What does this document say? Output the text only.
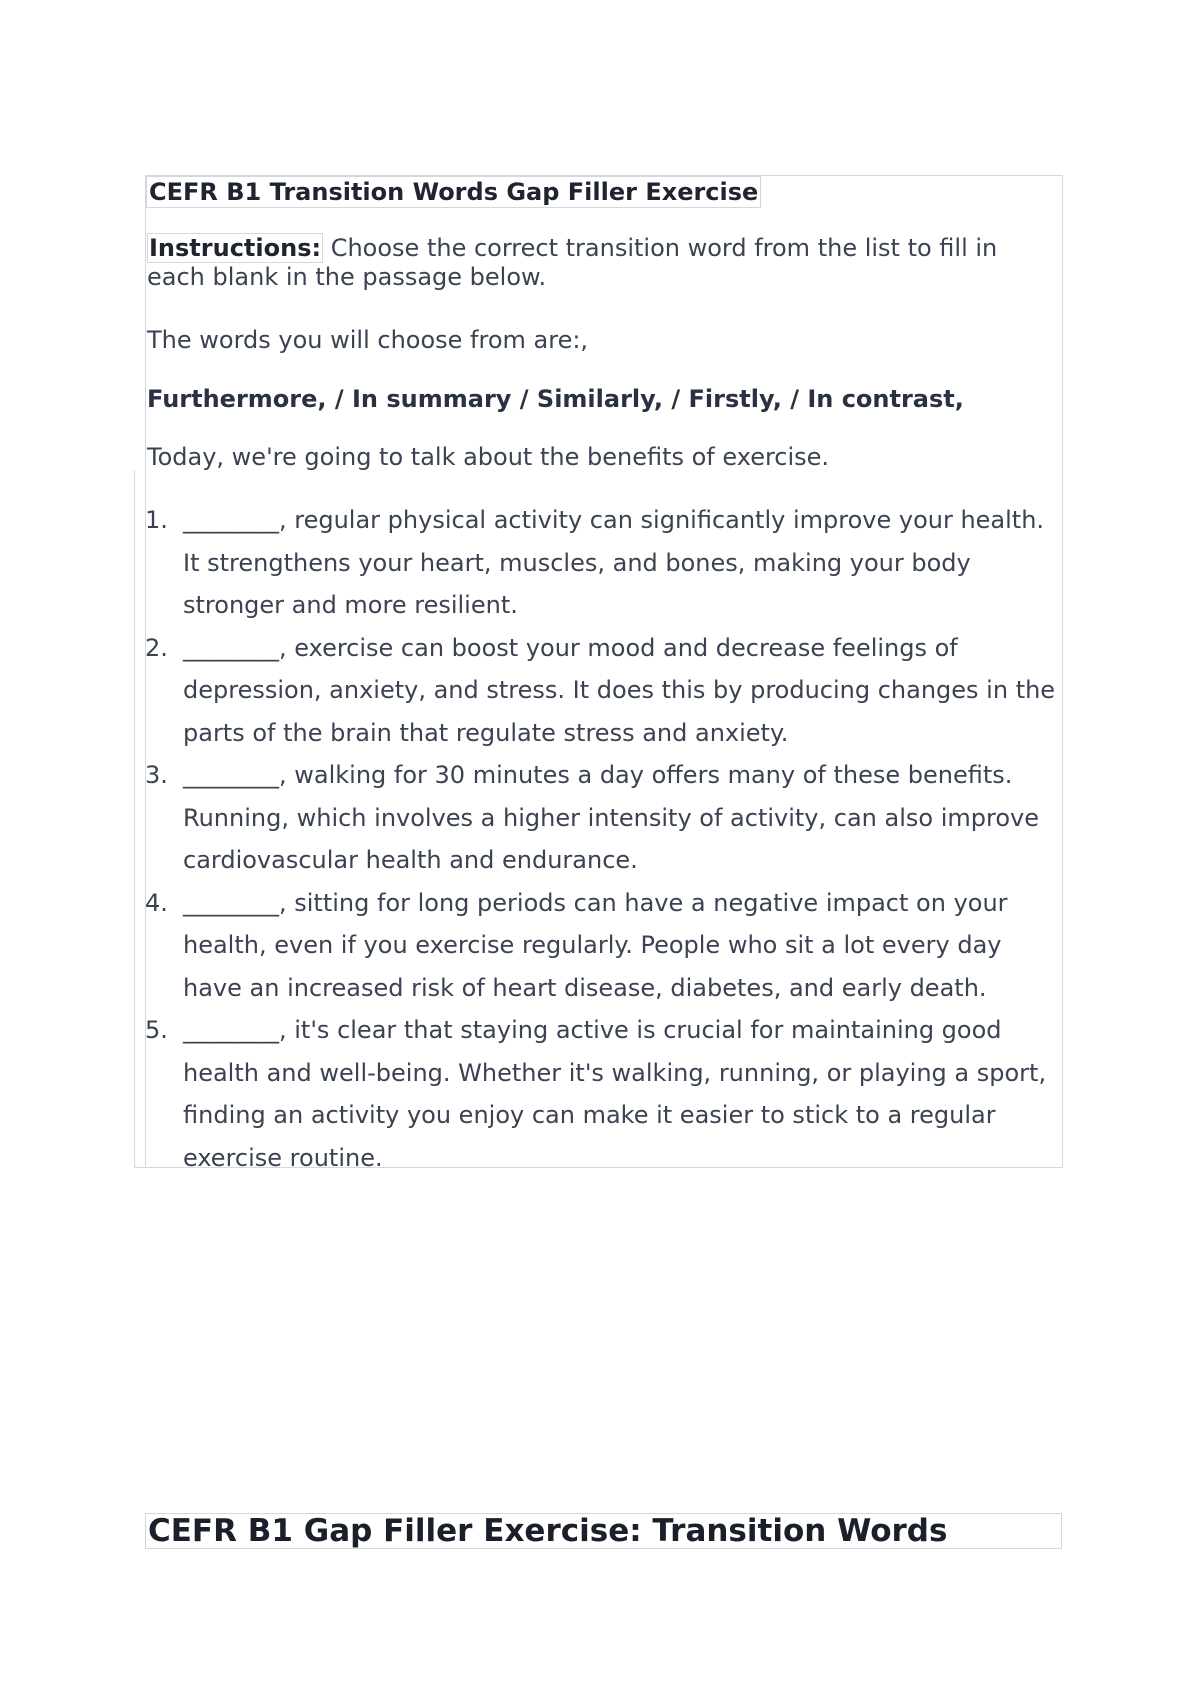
CEFR B1 Transition Words Gap Filler Exercise
Instructions: Choose the correct transition word from the list to fill in each blank in the passage below.
The words you will choose from are:,
Furthermore, / In summary / Similarly, / Firstly, / In contrast,
Today, we're going to talk about the benefits of exercise.
1. ________, regular physical activity can significantly improve your health. It strengthens your heart, muscles, and bones, making your body stronger and more resilient.
2. ________, exercise can boost your mood and decrease feelings of depression, anxiety, and stress. It does this by producing changes in the parts of the brain that regulate stress and anxiety.
3. ________, walking for 30 minutes a day offers many of these benefits. Running, which involves a higher intensity of activity, can also improve cardiovascular health and endurance.
4. ________, sitting for long periods can have a negative impact on your health, even if you exercise regularly. People who sit a lot every day have an increased risk of heart disease, diabetes, and early death.
5. ________, it's clear that staying active is crucial for maintaining good health and well-being. Whether it's walking, running, or playing a sport, finding an activity you enjoy can make it easier to stick to a regular exercise routine.
CEFR B1 Gap Filler Exercise: Transition Words
